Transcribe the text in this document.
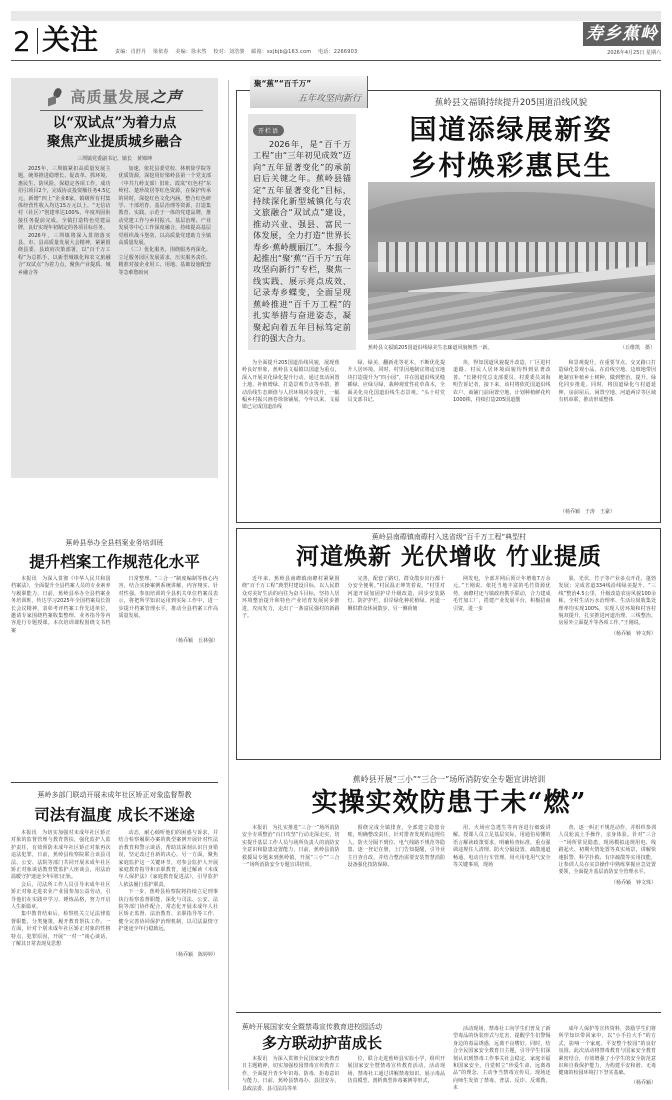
2 关注	责编：肖舒丹 梁依春 美编：徐未然 校对：刘浩骏 邮箱：sxjbjb@163.com 电话：2266903
寿乡蕉岭
2026年4月25日 星期六
高质量发展之声
以“双试点”为着力点
聚焦产业提质城乡融合
三圳镇党委副书记、镇长　黄锦坤

2025年，三圳镇紧扣高质量发展主题，统筹推进稳增长、促改革、抓环境、惠民生、防风险、保稳定各项工作，成功招引项目2个，完成协议投资额任务4.5亿元，新增“四上”企业8家，镇级所有村集体经营性收入均达15万元以上，“无信访村（社区）”创建率达100%，年度巩固衔接任务提前完成。全镇打造特色党建品牌，良好实现年初制定的各项目标任务。

2026年，三圳镇将深入贯彻落实县、市、县高质量发展大会精神，紧紧围绕县委、县政府决策部署，以“百千万工程”为总抓手，以新型城镇化和农文旅融合“双试点”为着力点，聚焦产业提质、城乡融合等

加速，依托县委党校、林则徐学院等优质资源，深挖用好梁岭县第一个党支部（中共九岭支部）旧址、霞岚“红色村”东岭村、楚珍故居等红色资源，在保护传承的同时，深挖红色文化内涵，整合红色研学、干部培育、基层治理等资源，打造集教育、实践、示范于一体的党建品牌，推动党建工作与乡村振兴、基层治理、产业发展等中心工作深度融合，持续提高基层党组织战斗堡垒，以高质量党建助力全镇高质量发展。

（二）优化服务，围绕服务再深化。立足服务园区发展需求，压实服务责任，精准对接企业用工、用地、基础设施配套等急难愁盼问

聚“蕉”“百千万”
五年攻坚向新行
开栏语

2026年，是“百千万工程”由“三年初见成效”迈向“五年显著变化”的承前启后关键之年。蕉岭县锚定“五年显著变化”目标，持续深化新型城镇化与农文旅融合“双试点”建设，推动兴业、强县、富民一体发展，全力打造“世界长寿乡·蕉岭靓丽江”。本报今起推出“聚‘蕉’‘百千万’五年攻坚向新行”专栏，聚焦一线实践、展示亮点成效、记录寿乡蝶变，全面呈现蕉岭推进“百千万工程”的扎实举措与奋进姿态，凝聚起向着五年目标笃定前行的强大合力。

蕉岭县文福镇持续提升205国道沿线风貌
国道添绿展新姿
乡村焕彩惠民生
蕉岭县文福镇205国道沿线绿美生态廊道风貌焕然一新。	（丘维凯　摄）

为全面提升205国道沿线风貌，展现蕉岭良好形象，蕉岭县文福镇以国道为重点，深入开展美化绿化提升行动。通过盘活闲置土地、补植增绿、打造景观节点等举措，推动沿线生态颜值与人居环境同步提升，一幅幅乡村振兴画卷徐徐铺展。今年以来，文福镇已完成国道沿线

绿、绿美、翻新花等花木，不断优化提升人居环境。同时，村里因地制宜将适宜地块打造提升为“四小园”，并在国道沿线见缝插绿、应绿尽绿，栽种观赏性花草苗木，全面美化亮化国道沿线生态景观。“头十村党员支部书记、

块，得知国道风貌提升改造，厂区进村道路、村民人居环境面貌均得到显著改善。“长隆村党总支部委员、村委委员刘海明告诉记者，接下来，该村将依托国道沿线农户、商铺门前闲置空地，计划种植鲜花约1000株，持续打造205国道靓

和景观提升，在重要节点、交叉路口打造绿化景观小品，在沿线空地、边坡地带因地制宜补植乡土树种，做到整治、提升、绿化同步推进。同时，将国道绿化与村道延伸、房前屋后、闲置空地、河道两岸等区域有机串联，推动形成整体

（杨乔颖　于涛　王豪）
蕉岭县举办全县档案业务培训班
提升档案工作规范化水平

本报讯　为深入贯彻《中华人民共和国档案法》，全面提升全县档案人员的专业素养与履职能力，日前，蕉岭县举办全县档案业务培训班，传达学习2025年全国档案局长馆长会议精神，表彰考评档案工作先进单位，邀请专家围绕档案收集整理、业务指导等内容进行专题授课。本次培训课程围绕文书档案

日常整理、“三合一”制度编制等核心内容，结合实操案例系统讲解，内容翔实、针对性强。参加培训的全县机关单位档案员表示，将把所学知识运用到实际工作中，进一步提升档案管理水平，推动全县档案工作高质量发展。

（杨乔颖　丘林强）
蕉岭县南磜镇南磜村入选省级“百千万工程”典型村
河道焕新 光伏增收 竹业提质

近年来，蕉岭县南磜镇南磜村紧紧围绕“百千万工程”典型村建设目标，以人民群众对美好生活的向往为奋斗目标，坚持人居环境整治提升和特色产业培育发展同步推进，攻向发力，走出了一条富民强村的新路子。

完善，配套了路灯，群众散步出行都十分安全便利。”村民温正坤笑着说。“村里对河道开展加固护岸升级改造，同步安装路灯、防护护栏，沿岸绿化种花植绿。河道一侧供群众休闲散步，另一侧荷塘

网发电，全部并网后预计年增收7万余元。”王刚说。依托当地丰富的毛竹资源优势，南磜村还与镇政府携手联动，合力建成毛竹加工厂，搭建产业发展平台，积极招商引资，进一步

果、光伏、竹子等产业多点开花，蓬勃发展；完成省道334线沿线绿美提升、“三线”整治4.5公里，升级改造农房风貌100余栋，全村生活污水治理率、生活垃圾收集处理率均实现100%，实现人居环境和村容村貌双提升，扎实推进河道治理、三线整治、房屋外立面提升等各项工作。”王刚说。

（杨乔颖　钟文辉）
蕉岭多部门联动开展未成年社区矫正对象监督帮教
司法有温度 成长不迷途

本报讯　为切实加强对未成年社区矫正对象的监督管理与教育帮扶，强化监护人监护责任，有效预防未成年社区矫正对象再次违法犯罪，日前，蕉岭县检察院联合该县司法、公安、法院等部门共同开展未成年社区矫正对象谈话教育暨监护人座谈会，用法治温暖守护迷途少年回归正轨。

会后，司法所工作人员引导未成年社区矫正对象走进农业产业园参加公益劳动，引导他们在实践中学习、锤炼品格，努力开启人生新篇章。

集中教育结束后，检察机关立足法律监督职能，分类施策，履开教育帮扶工作。一方面，针对个别未成年社区矫正对象的性格特点、犯罪原因，开展“一对一”谈心谈话，了解其日常表现及思想

动态，耐心倾听他们的困惑与诉求，并结合检察履职办案的典型案例开展针对性法治教育和警示谈话，帮助其深刻认识自身错误，坚定改过自新的决心。另一方面，聚焦家庭监护这一关键环节，对参会监护人开展家庭教育指导和亲职教育，通过解读《未成年人保护法》《家庭教育促进法》，引导监护人依法履行监护职责。

下一步，蕉岭县检察院将持续立足刑事执行检察监督职能，深化与司法、公安、法院等部门协作配合，常态化开展未成年人社区矫正监督、法治教育、亲职指导等工作，健全完善协同保护治理机制，以司法温情守护迷途少年行稳致远。

（杨乔颖　陈婷婷）
蕉岭县开展“三小”“三合一”场所消防安全专题宣讲培训
实操实效防患于未“燃”

本报讯　为扎实推进“三合一”场所消防安全专项整治“百日攻坚”行动走深走实，切实提升基层工作人员与场所负责人的消防安全意识和隐患处置能力，日前，蕉岭县消防救援局专题来到蕉岭镇，开展“三小”“三合一”场所消防安全专题宣讲培训。

围绕完成全镇排查，全部建立隐患台账，明确整改责任。针对排查发现的违规住人、防火分隔不到位、电气线路不规范等隐患，逐一登记在册，上门告知提醒，引导业主自查自改，并结合整治需要安装智慧消防设备强化技防保障。

用、火场应急逃生等内容进行细致讲解。授课人员立足基层实际，用通俗易懂的语言解读政策要求，明确检查标准，重点强调违规住人清理、防火分隔设置、疏散通道畅通、电动自行车管理、用火用电用气安全等关键事项，现场

查，逐一纠正不规范动作，并组织参训人员轮流上手操作，亲身体验。针对“三合一”场所常见隐患，现场模拟违规用电、线路起火、初期火情处置等真实场景，讲解快速报警、科学扑救、有序疏散等实用技能，让参训人员在实景操作中熟练掌握应急处置要领，全面提升基层消防安全管理水平。

（杨乔颖　钟文珠）
蕉岭开展国家安全暨禁毒宣传教育进校园活动
多方联动护苗成长

本报讯　为深入贯彻全民国家安全教育日主题精神，切实加强校园禁毒宣传教育工作，全面提升青少年识毒、防毒、拒毒意识与能力，日前，蕉岭县禁毒办、县国安办、县政法委、县司法局等单

位，联合走进蕉岭县实验小学，组织开展国家安全暨禁毒宣传教育活动。活动现场，禁毒社工通过讲解禁毒知识、展示毒品仿真模型、剖析典型涉毒案例等形式，

活动现场，禁毒社工向学生们普及了新型毒品的伪装形式与危害，提醒学生们警惕身边的毒品诱惑，远离不良嗜好。同时，结合全民国家安全教育日主题，引导学生们深刻认识到禁毒工作事关社会稳定、家庭幸福和国家安全，自觉树立“珍爱生命、远离毒品”的理念，主动争当禁毒宣传员。现场还向师生发放了禁毒、普法、反诈、反邪教、未

成年人保护等宣传资料，鼓励学生们将所学知识带回家中，以“小手拉大手”的方式，影响一个家庭、平安整个校园”的良好氛围。此次活动将禁毒教育与国家安全教育紧密结合，有效增强了小学生的安全防范意识和自我保护能力，为构建平安和谐、无毒健康的校园环境打下坚实基础。

（杨乔颖）
